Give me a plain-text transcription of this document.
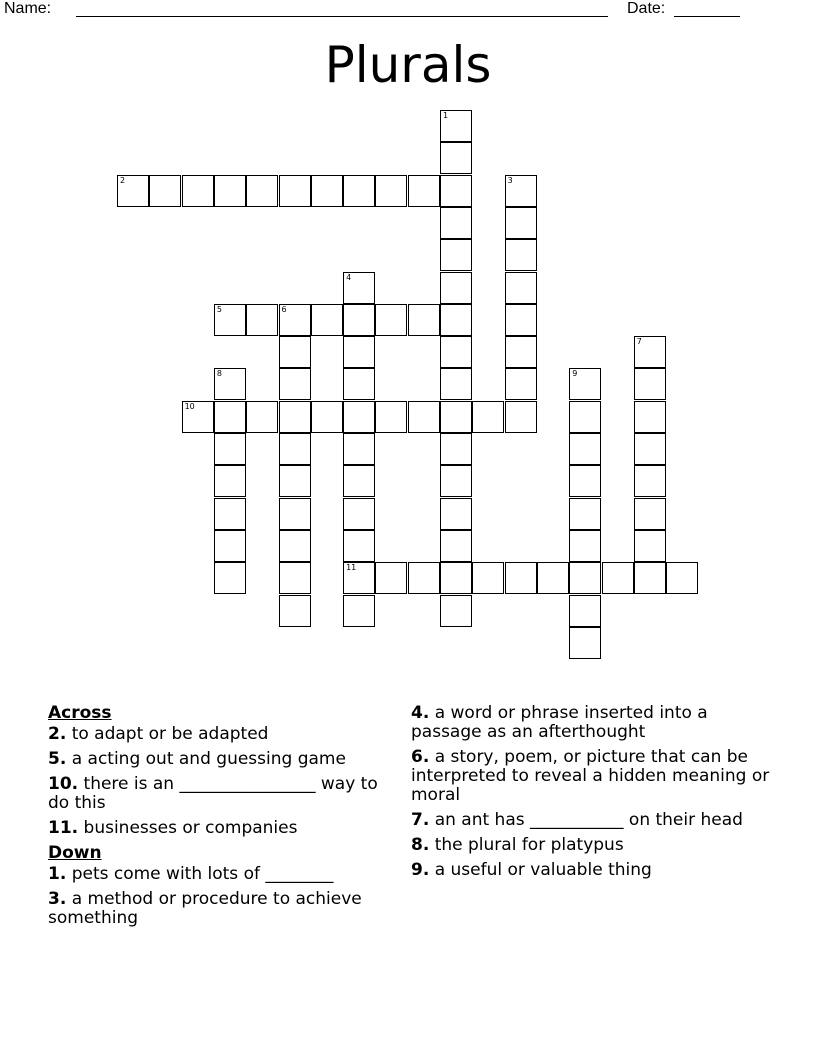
Name:	Date:
Plurals
1
2	3
4
11
5	6
7
8	9
10
Across
2. to adapt or be adapted
5. a acting out and guessing game
10. there is an ________________ way to do this
11. businesses or companies
Down
1. pets come with lots of ________
3. a method or procedure to achieve something
4. a word or phrase inserted into a passage as an afterthought
6. a story, poem, or picture that can be interpreted to reveal a hidden meaning or moral
7. an ant has ___________ on their head
8. the plural for platypus
9. a useful or valuable thing
